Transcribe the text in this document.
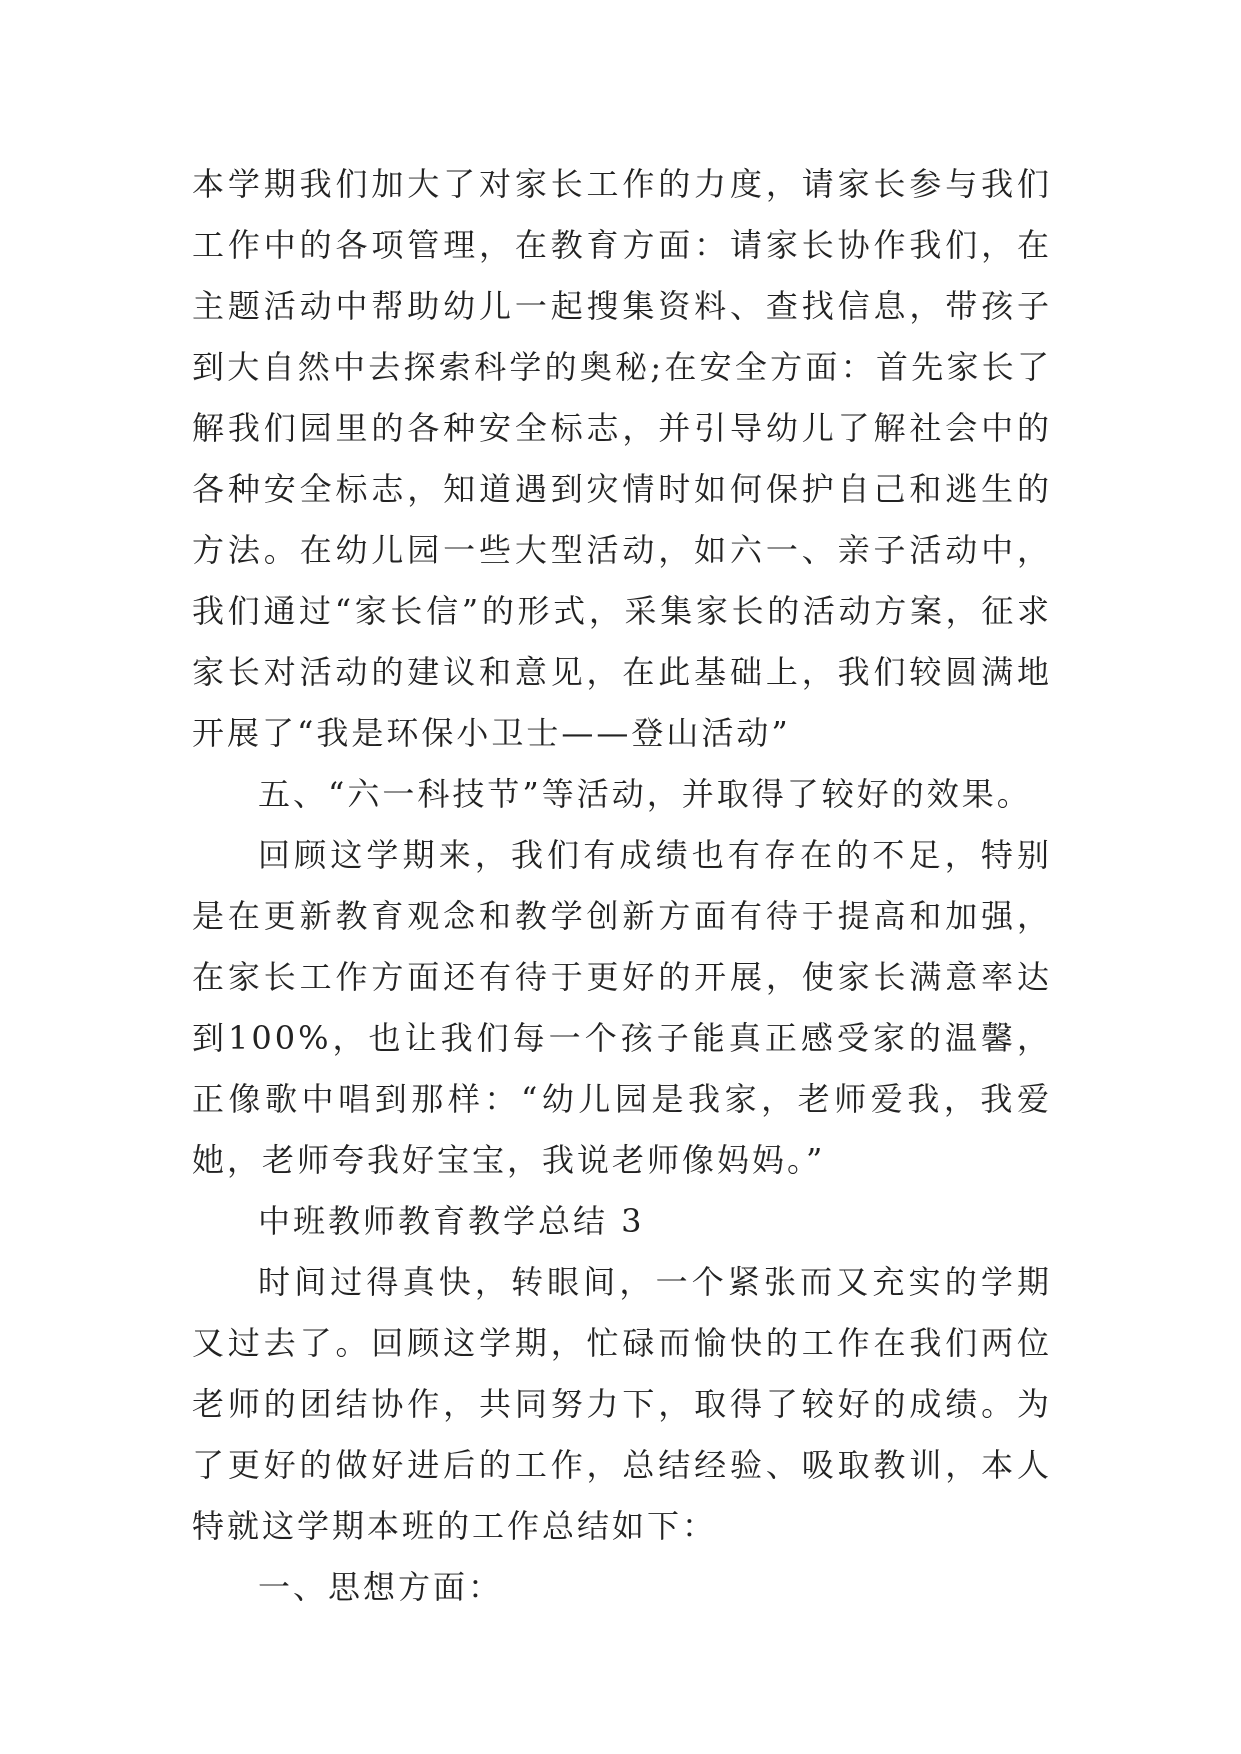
本学期我们加大了对家长工作的力度，请家长参与我们工作中的各项管理，在教育方面：请家长协作我们，在主题活动中帮助幼儿一起搜集资料、查找信息，带孩子到大自然中去探索科学的奥秘;在安全方面：首先家长了解我们园里的各种安全标志，并引导幼儿了解社会中的各种安全标志，知道遇到灾情时如何保护自己和逃生的方法。在幼儿园一些大型活动，如六一、亲子活动中，我们通过“家长信”的形式，采集家长的活动方案，征求家长对活动的建议和意见，在此基础上，我们较圆满地开展了“我是环保小卫士——登山活动”

五、“六一科技节”等活动，并取得了较好的效果。

回顾这学期来，我们有成绩也有存在的不足，特别是在更新教育观念和教学创新方面有待于提高和加强，在家长工作方面还有待于更好的开展，使家长满意率达到100%，也让我们每一个孩子能真正感受家的温馨，正像歌中唱到那样：“幼儿园是我家，老师爱我，我爱她，老师夸我好宝宝，我说老师像妈妈。”

中班教师教育教学总结 3

时间过得真快，转眼间，一个紧张而又充实的学期又过去了。回顾这学期，忙碌而愉快的工作在我们两位老师的团结协作，共同努力下，取得了较好的成绩。为了更好的做好进后的工作，总结经验、吸取教训，本人特就这学期本班的工作总结如下：

一、思想方面：
